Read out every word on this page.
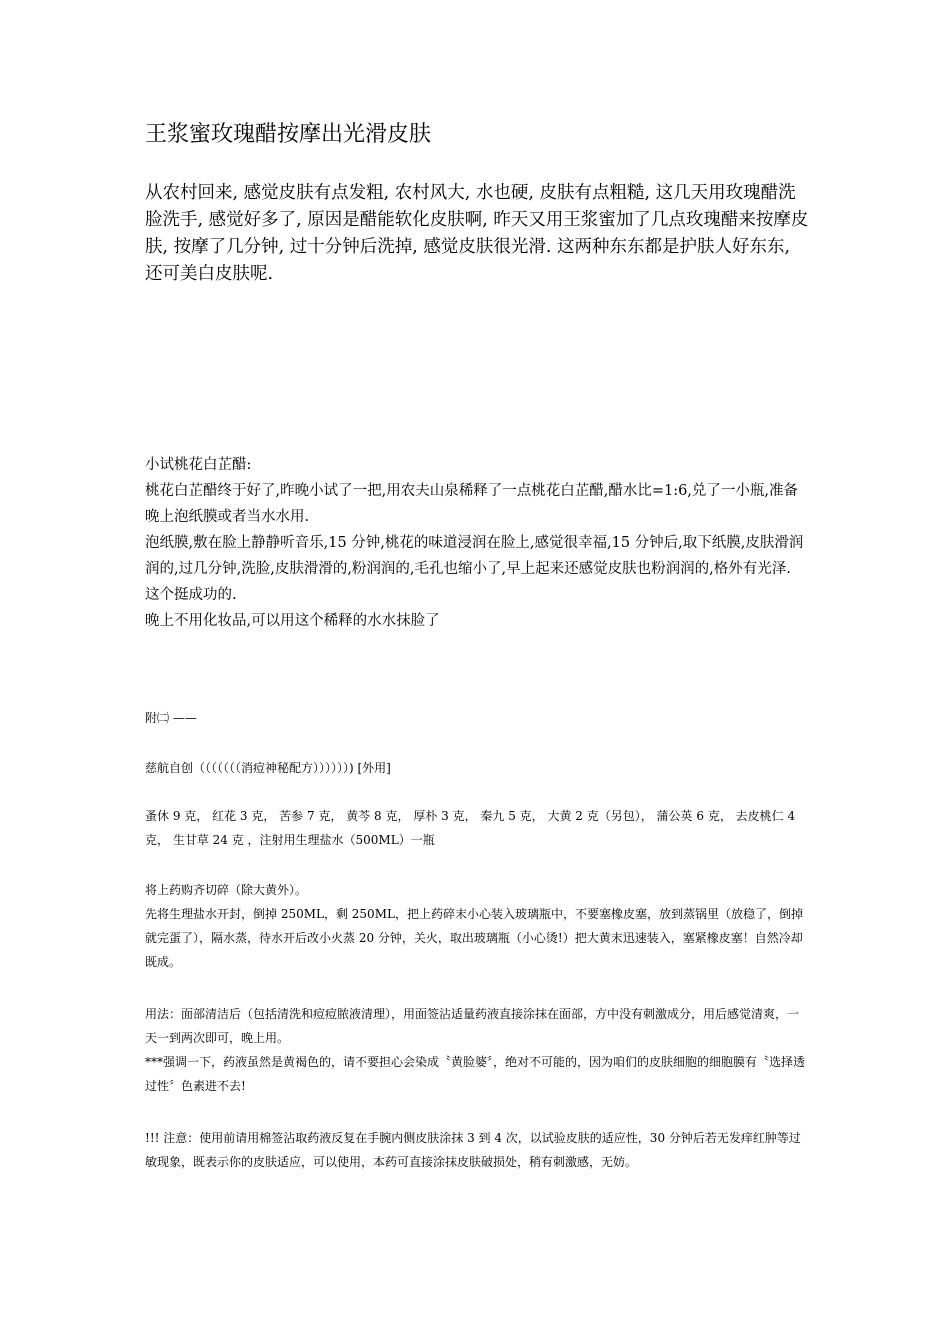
王浆蜜玫瑰醋按摩出光滑皮肤

从农村回来, 感觉皮肤有点发粗, 农村风大, 水也硬, 皮肤有点粗糙, 这几天用玫瑰醋洗脸洗手, 感觉好多了, 原因是醋能软化皮肤啊, 昨天又用王浆蜜加了几点玫瑰醋来按摩皮肤, 按摩了几分钟, 过十分钟后洗掉, 感觉皮肤很光滑. 这两种东东都是护肤人好东东, 还可美白皮肤呢.

小试桃花白芷醋:

桃花白芷醋终于好了,昨晚小试了一把,用农夫山泉稀释了一点桃花白芷醋,醋水比=1:6,兑了一小瓶,准备晚上泡纸膜或者当水水用.

泡纸膜,敷在脸上静静听音乐,15 分钟,桃花的味道浸润在脸上,感觉很幸福,15 分钟后,取下纸膜,皮肤滑润润的,过几分钟,洗脸,皮肤滑滑的,粉润润的,毛孔也缩小了,早上起来还感觉皮肤也粉润润的,格外有光泽.

这个挺成功的.

晚上不用化妆品,可以用这个稀释的水水抹脸了

附㈡ ——
慈航自创（（（（（（（消痘神秘配方））））））) [外用]
蚤休 9 克， 红花 3 克， 苦参 7 克， 黄芩 8 克， 厚朴 3 克， 秦九 5 克， 大黄 2 克（另包）， 蒲公英 6 克， 去皮桃仁 4 克， 生甘草 24 克 ，注射用生理盐水（500ML）一瓶

将上药购齐切碎（除大黄外）。

先将生理盐水开封，倒掉 250ML，剩 250ML，把上药碎末小心装入玻璃瓶中，不要塞橡皮塞，放到蒸锅里（放稳了，倒掉就完蛋了），隔水蒸，待水开后改小火蒸 20 分钟，关火，取出玻璃瓶（小心烫!）把大黄末迅速装入，塞紧橡皮塞！自然冷却既成。

用法：面部清洁后（包括清洗和痘痘脓液清理），用面签沾适量药液直接涂抹在面部，方中没有刺激成分，用后感觉清爽，一天一到两次即可，晚上用。

***强调一下，药液虽然是黄褐色的，请不要担心会染成〝黄脸婆〞，绝对不可能的，因为咱们的皮肤细胞的细胞膜有〝选择透过性〞色素进不去!

!!! 注意：使用前请用棉签沾取药液反复在手腕内侧皮肤涂抹 3 到 4 次，以试验皮肤的适应性，30 分钟后若无发痒红肿等过敏现象，既表示你的皮肤适应，可以使用，本药可直接涂抹皮肤破损处，稍有刺激感，无妨。
